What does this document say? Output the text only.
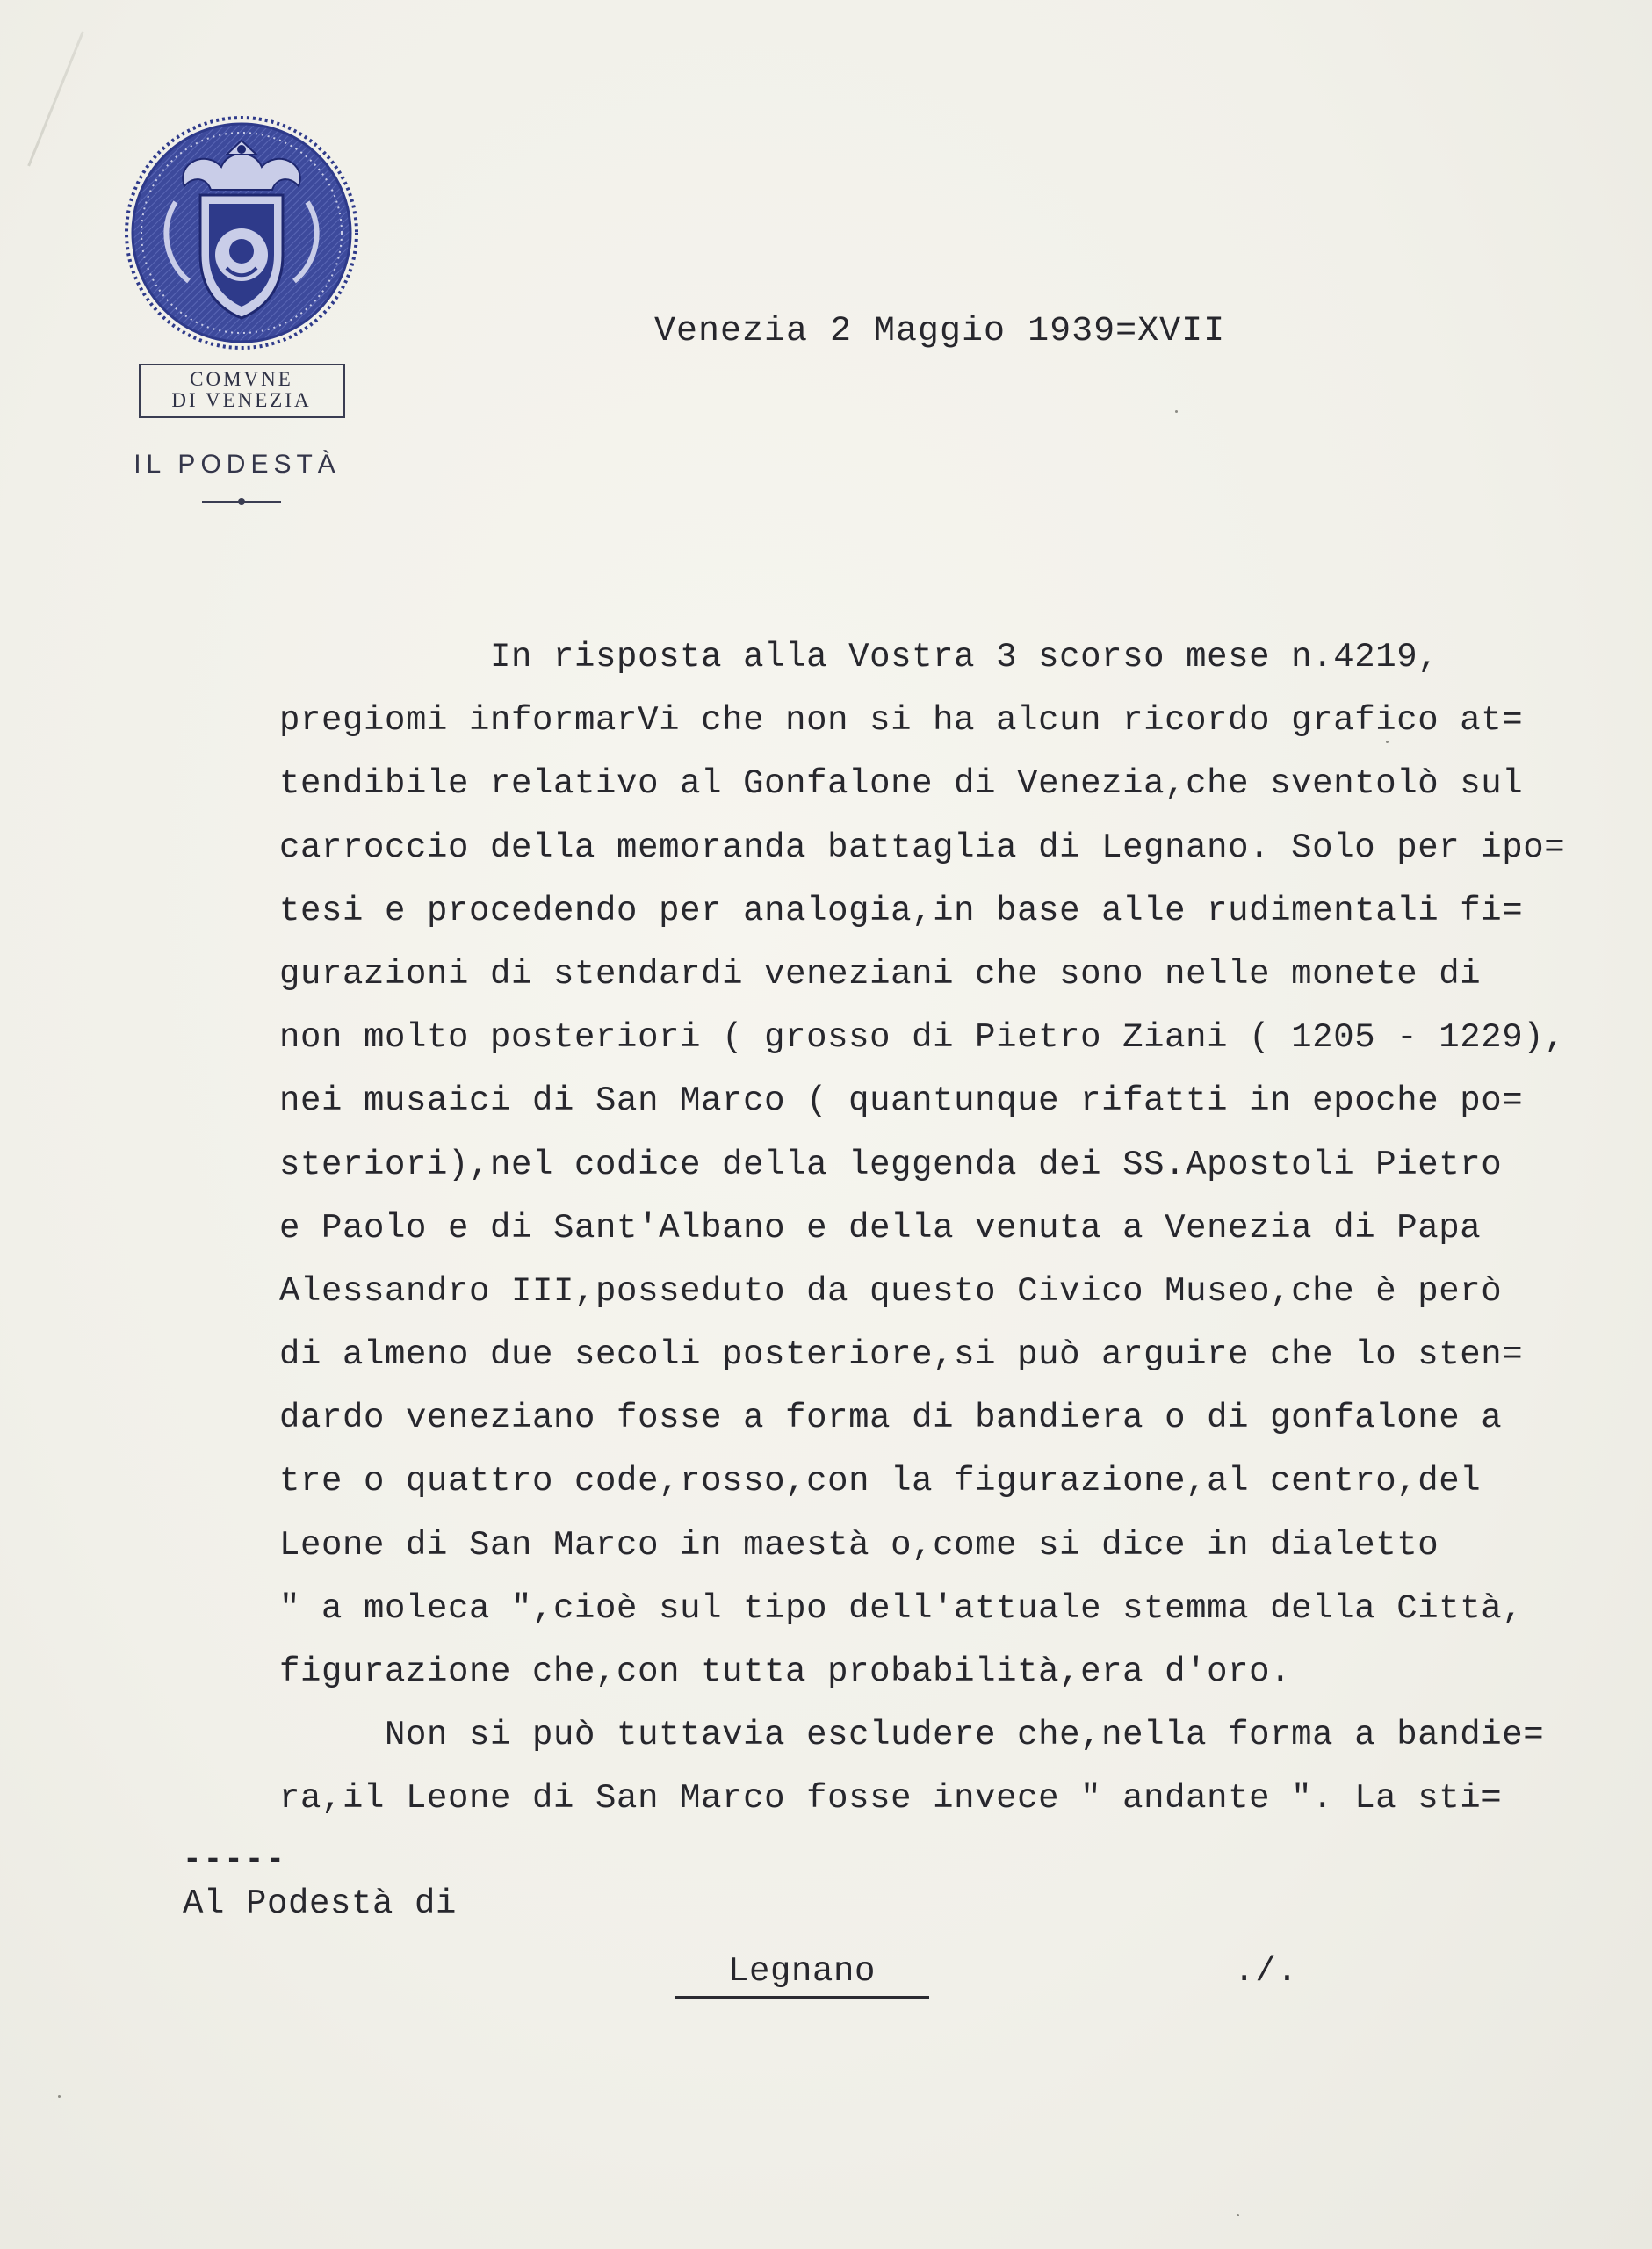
COMVNE
DI VENEZIA
IL PODESTÀ
Venezia 2 Maggio 1939=XVII
In risposta alla Vostra 3 scorso mese n.4219,
pregiomi informarVi che non si ha alcun ricordo grafico at=
tendibile relativo al Gonfalone di Venezia,che sventolò sul
carroccio della memoranda battaglia di Legnano. Solo per ipo=
tesi e procedendo per analogia,in base alle rudimentali fi=
gurazioni di stendardi veneziani che sono nelle monete di
non molto posteriori ( grosso di Pietro Ziani ( 1205 - 1229),
nei musaici di San Marco ( quantunque rifatti in epoche po=
steriori),nel codice della leggenda dei SS.Apostoli Pietro
e Paolo e di Sant'Albano e della venuta a Venezia di Papa
Alessandro III,posseduto da questo Civico Museo,che è però
di almeno due secoli posteriore,si può arguire che lo sten=
dardo veneziano fosse a forma di bandiera o di gonfalone a
tre o quattro code,rosso,con la figurazione,al centro,del
Leone di San Marco in maestà o,come si dice in dialetto
" a moleca ",cioè sul tipo dell'attuale stemma della Città,
figurazione che,con tutta probabilità,era d'oro.
Non si può tuttavia escludere che,nella forma a bandie=
ra,il Leone di San Marco fosse invece " andante ". La sti=
-----
Al Podestà di
Legnano	./.
